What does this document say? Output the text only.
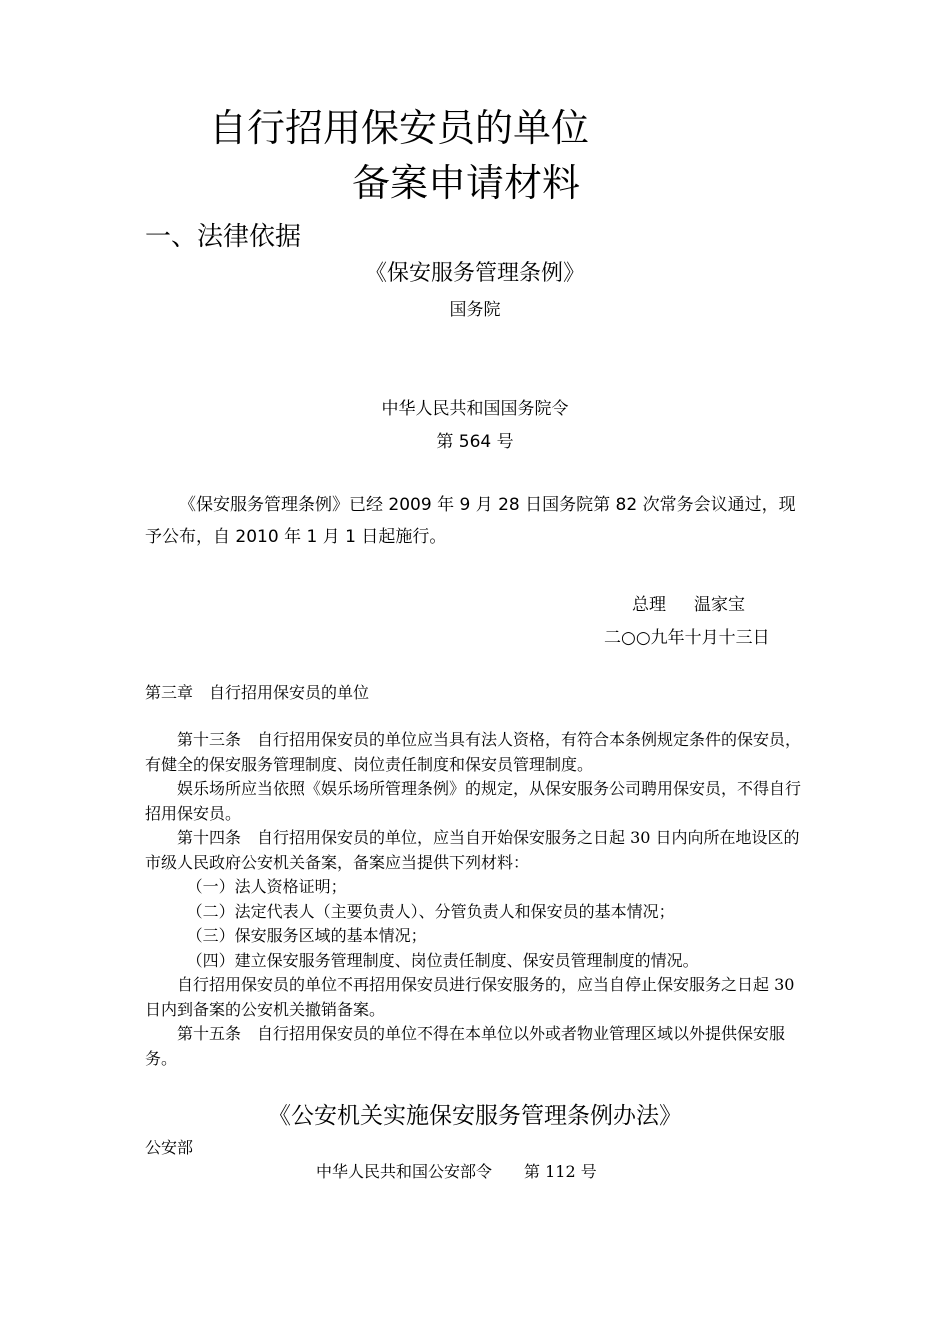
自行招用保安员的单位
备案申请材料
一、法律依据
《保安服务管理条例》
国务院
中华人民共和国国务院令
第 564 号
《保安服务管理条例》已经 2009 年 9 月 28 日国务院第 82 次常务会议通过，现予公布，自 2010 年 1 月 1 日起施行。
总理 温家宝
二○○九年十月十三日
第三章　自行招用保安员的单位

第十三条　自行招用保安员的单位应当具有法人资格，有符合本条例规定条件的保安员，有健全的保安服务管理制度、岗位责任制度和保安员管理制度。

娱乐场所应当依照《娱乐场所管理条例》的规定，从保安服务公司聘用保安员，不得自行招用保安员。

第十四条　自行招用保安员的单位，应当自开始保安服务之日起 30 日内向所在地设区的市级人民政府公安机关备案，备案应当提供下列材料：

（一）法人资格证明；

（二）法定代表人（主要负责人）、分管负责人和保安员的基本情况；

（三）保安服务区域的基本情况；

（四）建立保安服务管理制度、岗位责任制度、保安员管理制度的情况。

自行招用保安员的单位不再招用保安员进行保安服务的，应当自停止保安服务之日起 30 日内到备案的公安机关撤销备案。

第十五条　自行招用保安员的单位不得在本单位以外或者物业管理区域以外提供保安服务。

《公安机关实施保安服务管理条例办法》
公安部
中华人民共和国公安部令 第 112 号
